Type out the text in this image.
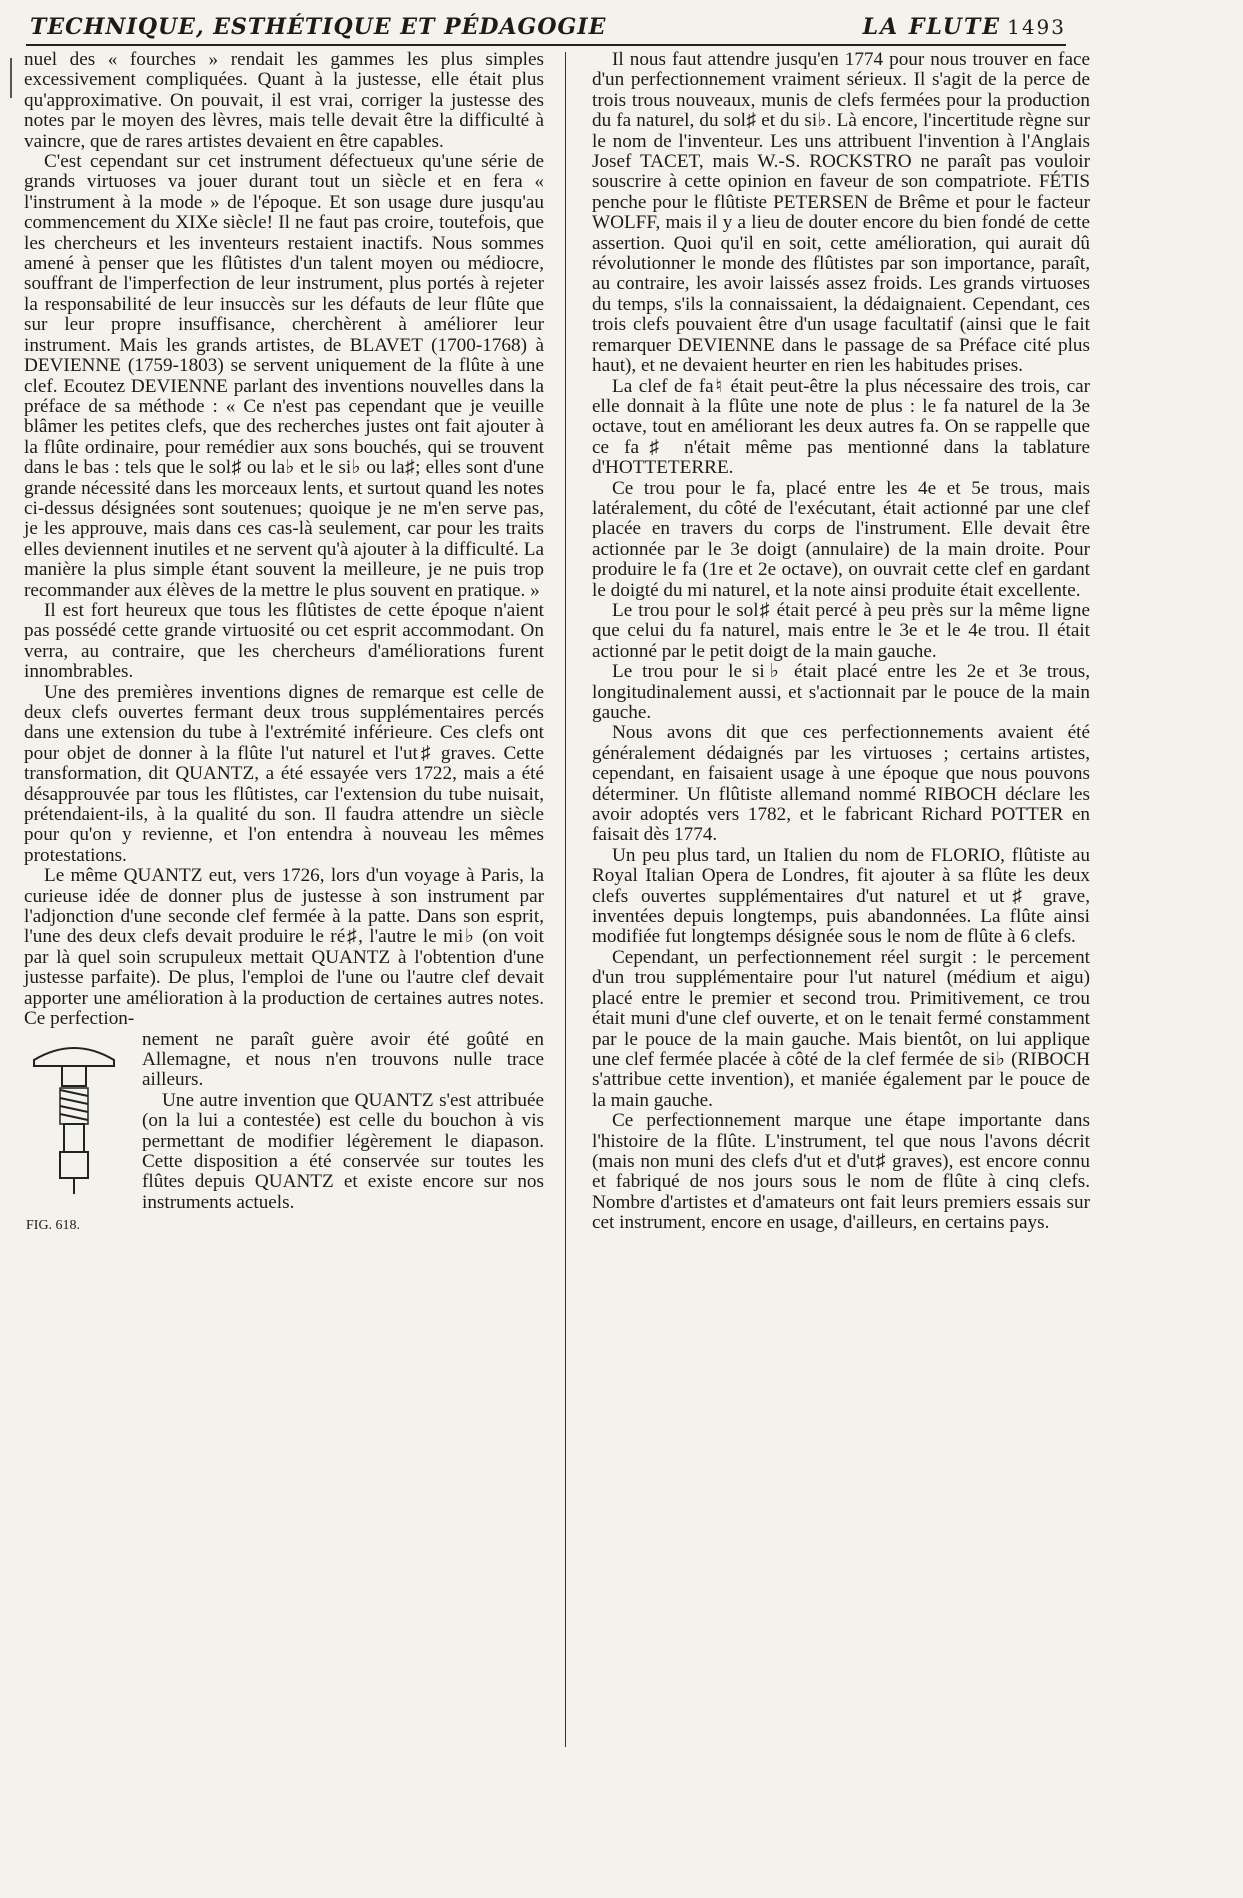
TECHNIQUE, ESTHÉTIQUE ET PÉDAGOGIE	LA FLUTE 1493

nuel des « fourches » rendait les gammes les plus simples excessivement compliquées. Quant à la justesse, elle était plus qu'approximative. On pouvait, il est vrai, corriger la justesse des notes par le moyen des lèvres, mais telle devait être la difficulté à vaincre, que de rares artistes devaient en être capables.

C'est cependant sur cet instrument défectueux qu'une série de grands virtuoses va jouer durant tout un siècle et en fera « l'instrument à la mode » de l'époque. Et son usage dure jusqu'au commencement du XIXe siècle! Il ne faut pas croire, toutefois, que les chercheurs et les inventeurs restaient inactifs. Nous sommes amené à penser que les flûtistes d'un talent moyen ou médiocre, souffrant de l'imperfection de leur instrument, plus portés à rejeter la responsabilité de leur insuccès sur les défauts de leur flûte que sur leur propre insuffisance, cherchèrent à améliorer leur instrument. Mais les grands artistes, de BLAVET (1700-1768) à DEVIENNE (1759-1803) se servent uniquement de la flûte à une clef. Ecoutez DEVIENNE parlant des inventions nouvelles dans la préface de sa méthode : « Ce n'est pas cependant que je veuille blâmer les petites clefs, que des recherches justes ont fait ajouter à la flûte ordinaire, pour remédier aux sons bouchés, qui se trouvent dans le bas : tels que le sol♯ ou la♭ et le si♭ ou la♯; elles sont d'une grande nécessité dans les morceaux lents, et surtout quand les notes ci-dessus désignées sont soutenues; quoique je ne m'en serve pas, je les approuve, mais dans ces cas-là seulement, car pour les traits elles deviennent inutiles et ne servent qu'à ajouter à la difficulté. La manière la plus simple étant souvent la meilleure, je ne puis trop recommander aux élèves de la mettre le plus souvent en pratique. »

Il est fort heureux que tous les flûtistes de cette époque n'aient pas possédé cette grande virtuosité ou cet esprit accommodant. On verra, au contraire, que les chercheurs d'améliorations furent innombrables.

Une des premières inventions dignes de remarque est celle de deux clefs ouvertes fermant deux trous supplémentaires percés dans une extension du tube à l'extrémité inférieure. Ces clefs ont pour objet de donner à la flûte l'ut naturel et l'ut♯ graves. Cette transformation, dit QUANTZ, a été essayée vers 1722, mais a été désapprouvée par tous les flûtistes, car l'extension du tube nuisait, prétendaient-ils, à la qualité du son. Il faudra attendre un siècle pour qu'on y revienne, et l'on entendra à nouveau les mêmes protestations.

Le même QUANTZ eut, vers 1726, lors d'un voyage à Paris, la curieuse idée de donner plus de justesse à son instrument par l'adjonction d'une seconde clef fermée à la patte. Dans son esprit, l'une des deux clefs devait produire le ré♯, l'autre le mi♭ (on voit par là quel soin scrupuleux mettait QUANTZ à l'obtention d'une justesse parfaite). De plus, l'emploi de l'une ou l'autre clef devait apporter une amélioration à la production de certaines autres notes. Ce perfection-

FIG. 618.

nement ne paraît guère avoir été goûté en Allemagne, et nous n'en trouvons nulle trace ailleurs.

Une autre invention que QUANTZ s'est attribuée (on la lui a contestée) est celle du bouchon à vis permettant de modifier légèrement le diapason. Cette disposition a été conservée sur toutes les flûtes depuis QUANTZ et existe encore sur nos instruments actuels.

Il nous faut attendre jusqu'en 1774 pour nous trouver en face d'un perfectionnement vraiment sérieux. Il s'agit de la perce de trois trous nouveaux, munis de clefs fermées pour la production du fa naturel, du sol♯ et du si♭. Là encore, l'incertitude règne sur le nom de l'inventeur. Les uns attribuent l'invention à l'Anglais Josef TACET, mais W.-S. ROCKSTRO ne paraît pas vouloir souscrire à cette opinion en faveur de son compatriote. FÉTIS penche pour le flûtiste PETERSEN de Brême et pour le facteur WOLFF, mais il y a lieu de douter encore du bien fondé de cette assertion. Quoi qu'il en soit, cette amélioration, qui aurait dû révolutionner le monde des flûtistes par son importance, paraît, au contraire, les avoir laissés assez froids. Les grands virtuoses du temps, s'ils la connaissaient, la dédaignaient. Cependant, ces trois clefs pouvaient être d'un usage facultatif (ainsi que le fait remarquer DEVIENNE dans le passage de sa Préface cité plus haut), et ne devaient heurter en rien les habitudes prises.

La clef de fa♮ était peut-être la plus nécessaire des trois, car elle donnait à la flûte une note de plus : le fa naturel de la 3e octave, tout en améliorant les deux autres fa. On se rappelle que ce fa♯ n'était même pas mentionné dans la tablature d'HOTTETERRE.

Ce trou pour le fa, placé entre les 4e et 5e trous, mais latéralement, du côté de l'exécutant, était actionné par une clef placée en travers du corps de l'instrument. Elle devait être actionnée par le 3e doigt (annulaire) de la main droite. Pour produire le fa (1re et 2e octave), on ouvrait cette clef en gardant le doigté du mi naturel, et la note ainsi produite était excellente.

Le trou pour le sol♯ était percé à peu près sur la même ligne que celui du fa naturel, mais entre le 3e et le 4e trou. Il était actionné par le petit doigt de la main gauche.

Le trou pour le si♭ était placé entre les 2e et 3e trous, longitudinalement aussi, et s'actionnait par le pouce de la main gauche.

Nous avons dit que ces perfectionnements avaient été généralement dédaignés par les virtuoses ; certains artistes, cependant, en faisaient usage à une époque que nous pouvons déterminer. Un flûtiste allemand nommé RIBOCH déclare les avoir adoptés vers 1782, et le fabricant Richard POTTER en faisait dès 1774.

Un peu plus tard, un Italien du nom de FLORIO, flûtiste au Royal Italian Opera de Londres, fit ajouter à sa flûte les deux clefs ouvertes supplémentaires d'ut naturel et ut♯ grave, inventées depuis longtemps, puis abandonnées. La flûte ainsi modifiée fut longtemps désignée sous le nom de flûte à 6 clefs.

Cependant, un perfectionnement réel surgit : le percement d'un trou supplémentaire pour l'ut naturel (médium et aigu) placé entre le premier et second trou. Primitivement, ce trou était muni d'une clef ouverte, et on le tenait fermé constamment par le pouce de la main gauche. Mais bientôt, on lui applique une clef fermée placée à côté de la clef fermée de si♭ (RIBOCH s'attribue cette invention), et maniée également par le pouce de la main gauche.

Ce perfectionnement marque une étape importante dans l'histoire de la flûte. L'instrument, tel que nous l'avons décrit (mais non muni des clefs d'ut et d'ut♯ graves), est encore connu et fabriqué de nos jours sous le nom de flûte à cinq clefs. Nombre d'artistes et d'amateurs ont fait leurs premiers essais sur cet instrument, encore en usage, d'ailleurs, en certains pays.
